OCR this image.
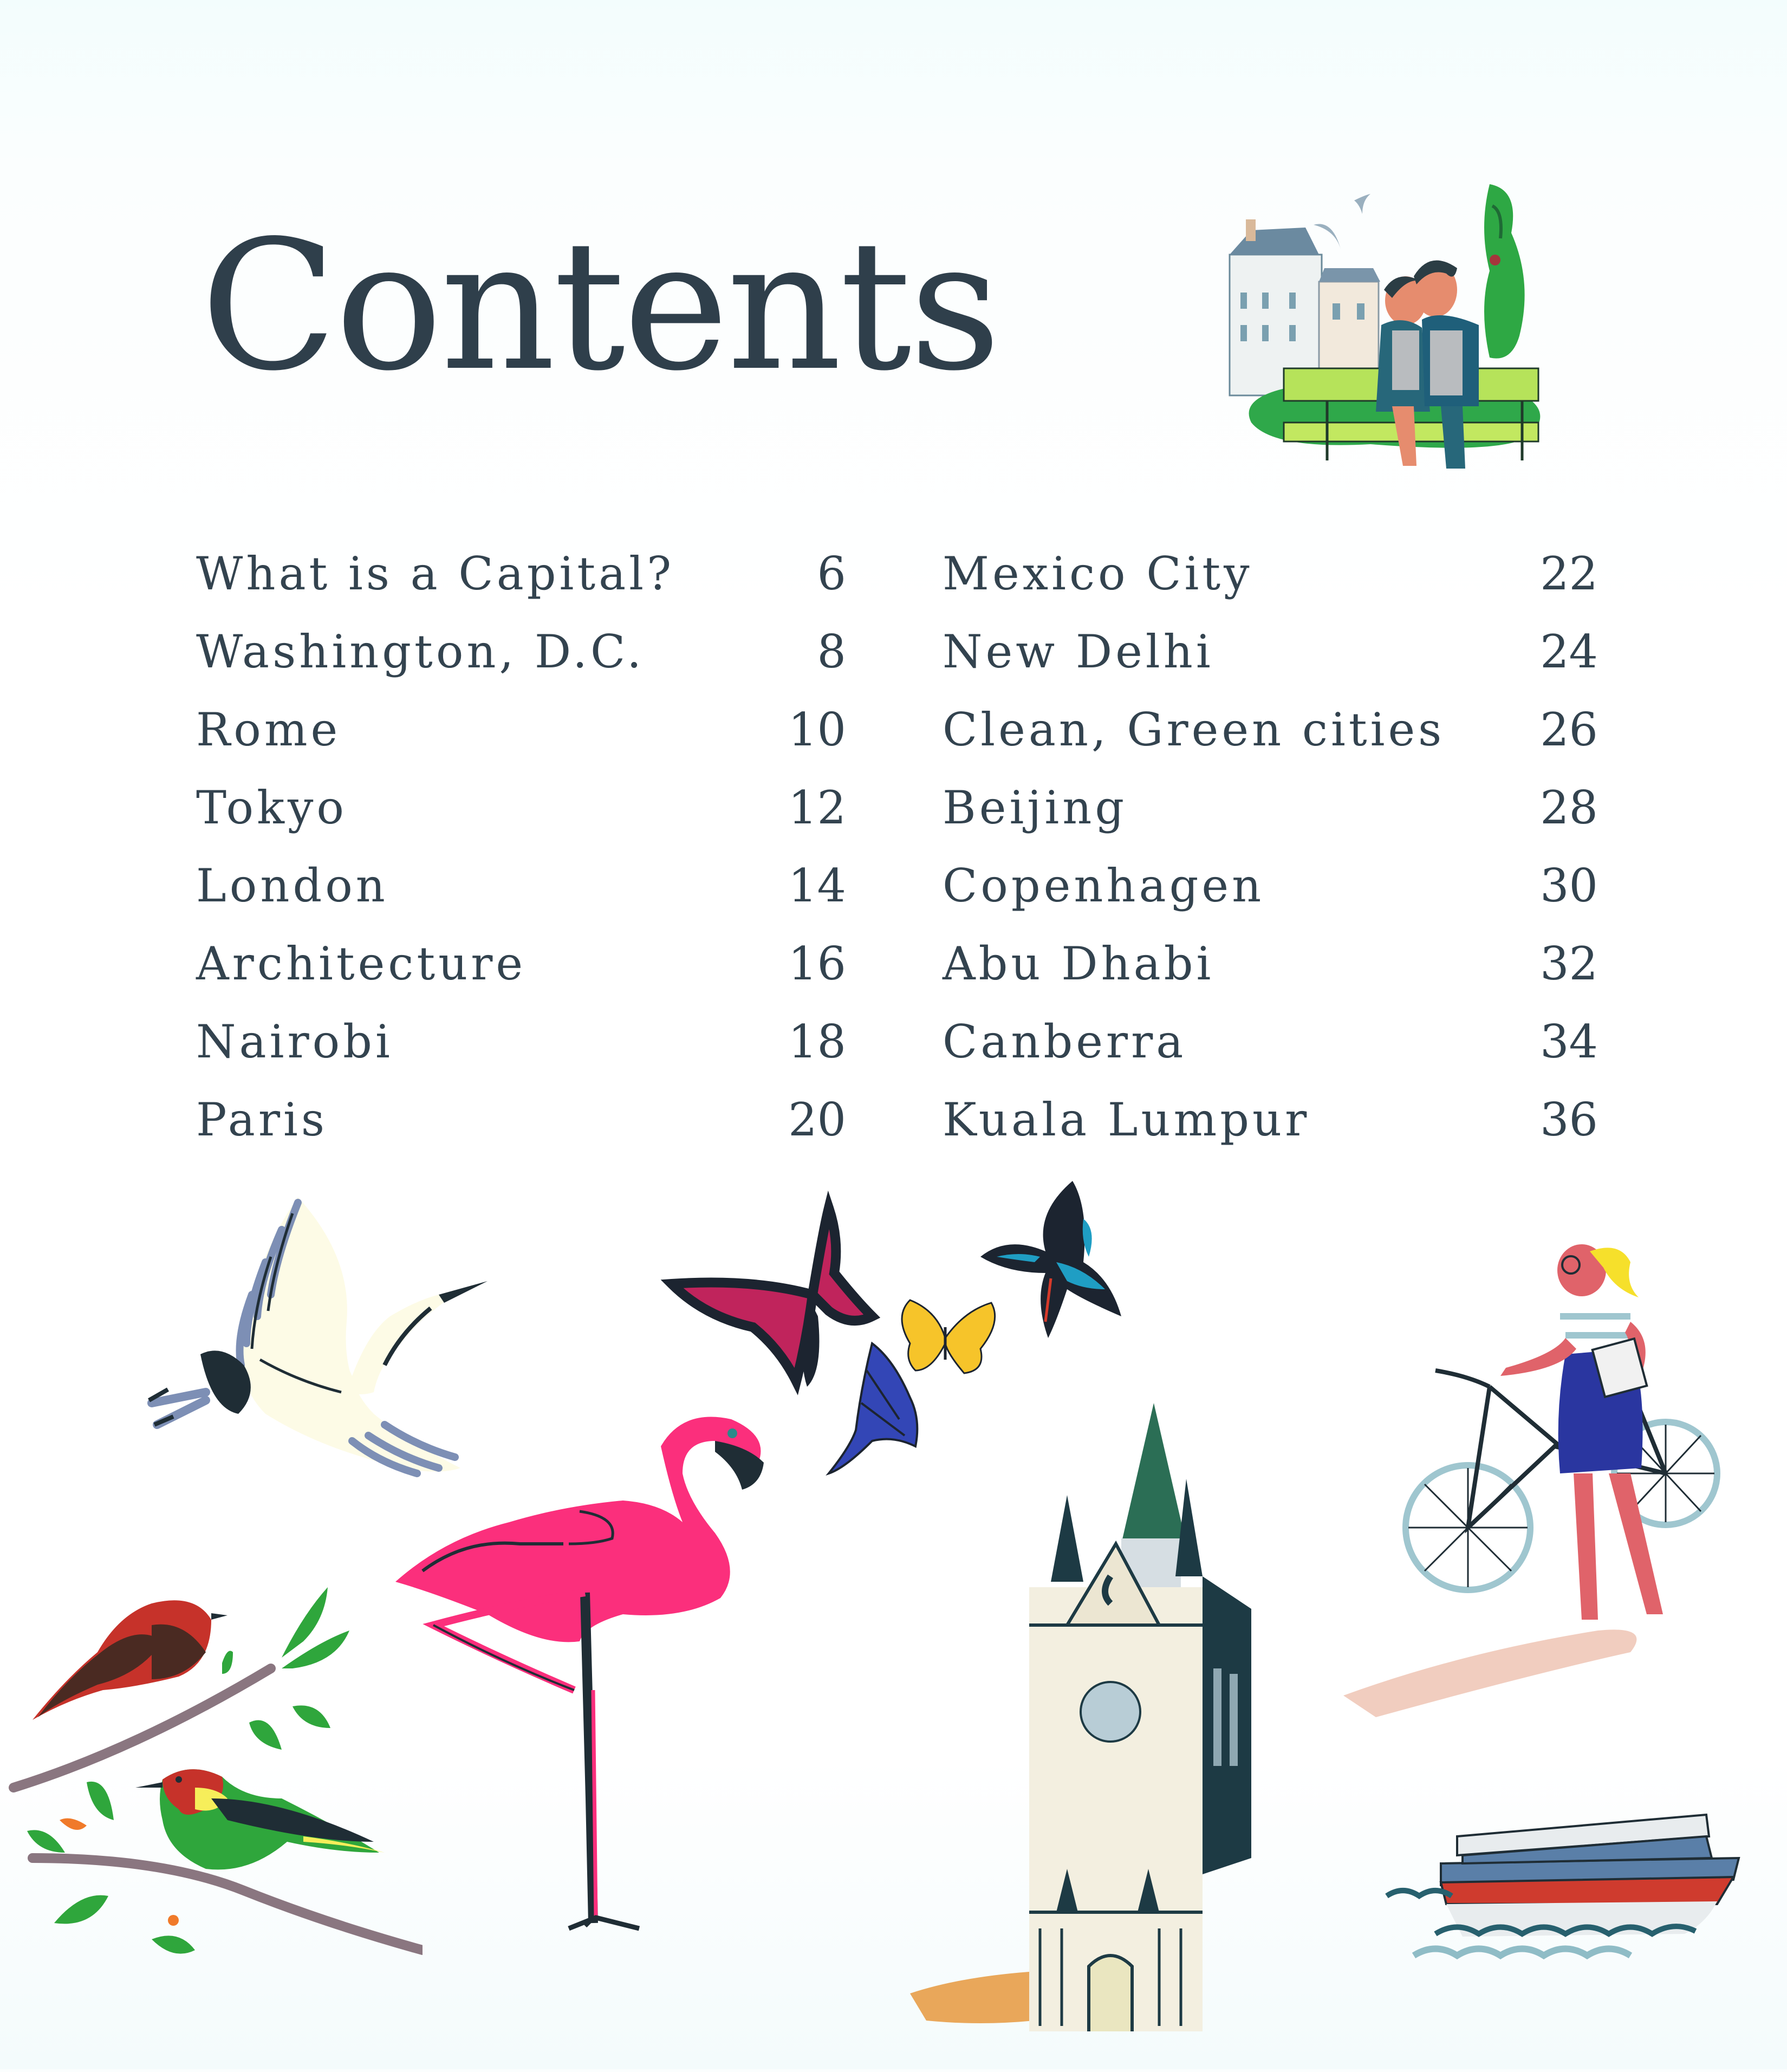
Contents
What is a Capital?	6
Washington, D.C.	8
Rome	10
Tokyo	12
London	14
Architecture	16
Nairobi	18
Paris	20
Mexico City	22
New Delhi	24
Clean, Green cities 26
Beijing	28
Copenhagen	30
Abu Dhabi	32
Canberra	34
Kuala Lumpur	36
